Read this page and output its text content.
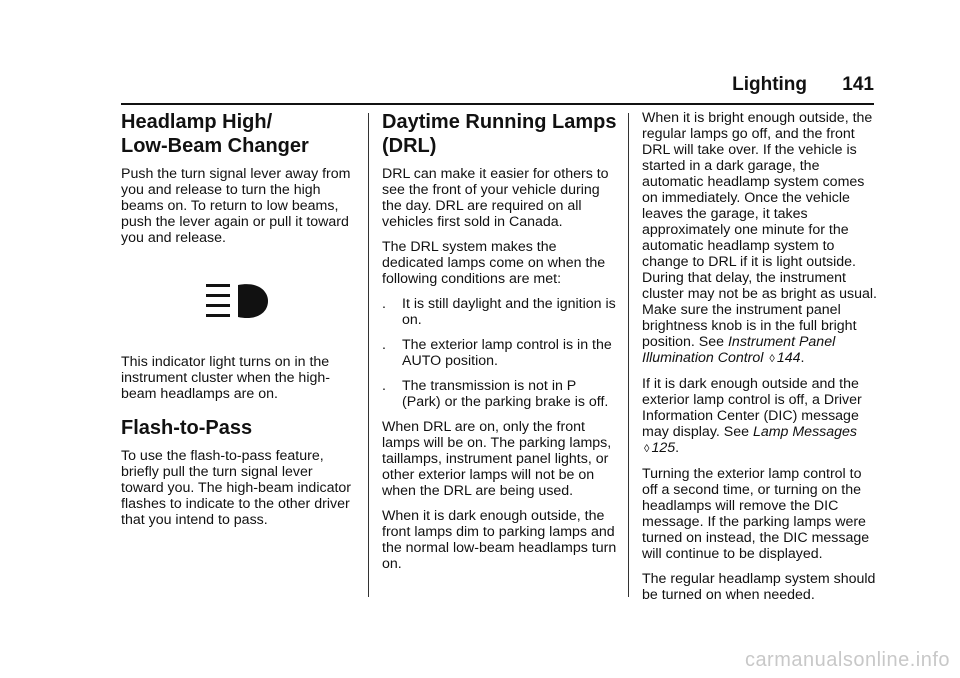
Lighting 141
Headlamp High/
Low-Beam Changer

Push the turn signal lever away from you and release to turn the high beams on. To return to low beams, push the lever again or pull it toward you and release.

This indicator light turns on in the instrument cluster when the high-beam headlamps are on.

Flash-to-Pass

To use the flash-to-pass feature, briefly pull the turn signal lever toward you. The high-beam indicator flashes to indicate to the other driver that you intend to pass.

Daytime Running Lamps (DRL)

DRL can make it easier for others to see the front of your vehicle during the day. DRL are required on all vehicles first sold in Canada.

The DRL system makes the dedicated lamps come on when the following conditions are met:

.	It is still daylight and the ignition is on.
.	The exterior lamp control is in the AUTO position.
.	The transmission is not in P (Park) or the parking brake is off.

When DRL are on, only the front lamps will be on. The parking lamps, taillamps, instrument panel lights, or other exterior lamps will not be on when the DRL are being used.

When it is dark enough outside, the front lamps dim to parking lamps and the normal low-beam headlamps turn on.

When it is bright enough outside, the regular lamps go off, and the front DRL will take over. If the vehicle is started in a dark garage, the automatic headlamp system comes on immediately. Once the vehicle leaves the garage, it takes approximately one minute for the automatic headlamp system to change to DRL if it is light outside. During that delay, the instrument cluster may not be as bright as usual. Make sure the instrument panel brightness knob is in the full bright position. See Instrument Panel Illumination Control ◊ 144.

If it is dark enough outside and the exterior lamp control is off, a Driver Information Center (DIC) message may display. See Lamp Messages ◊ 125.

Turning the exterior lamp control to off a second time, or turning on the headlamps will remove the DIC message. If the parking lamps were turned on instead, the DIC message will continue to be displayed.

The regular headlamp system should be turned on when needed.

carmanualsonline.info
